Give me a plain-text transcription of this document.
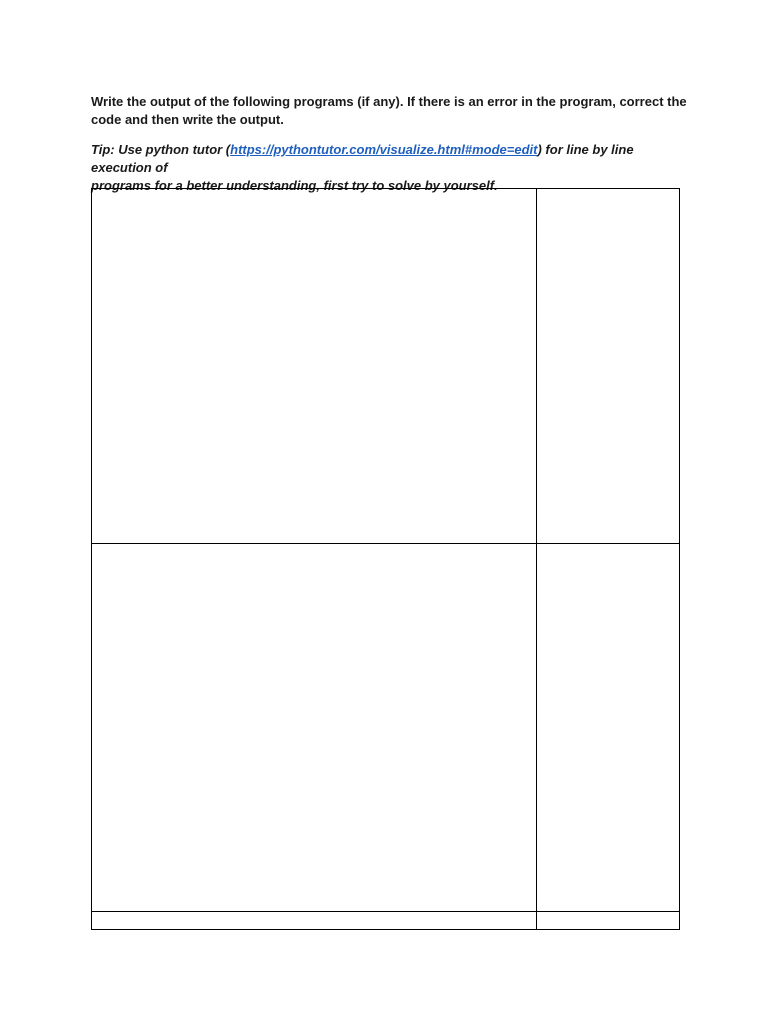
Write the output of the following programs (if any). If there is an error in the program, correct the
code and then write the output.
Tip: Use python tutor (https://pythontutor.com/visualize.html#mode=edit) for line by line execution of
programs for a better understanding, first try to solve by yourself.
